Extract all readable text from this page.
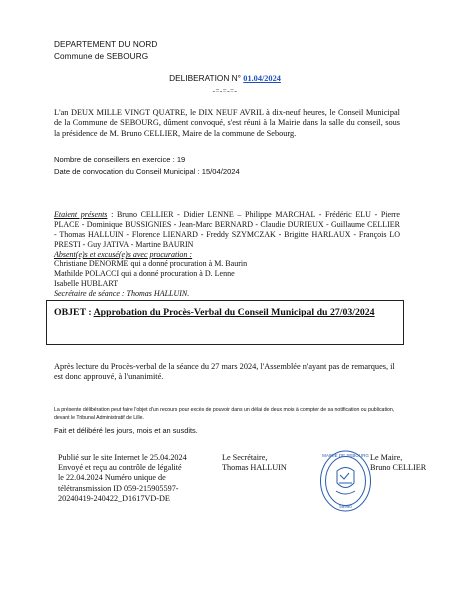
DEPARTEMENT DU NORD
Commune de SEBOURG
DELIBERATION N° 01.04/2024
-=-=-=-
L'an DEUX MILLE VINGT QUATRE, le DIX NEUF AVRIL à dix-neuf heures, le Conseil Municipal de la Commune de SEBOURG, dûment convoqué, s'est réuni à la Mairie dans la salle du conseil, sous la présidence de M. Bruno CELLIER, Maire de la commune de Sebourg.
Nombre de conseillers en exercice : 19
Date de convocation du Conseil Municipal : 15/04/2024
Etaient présents : Bruno CELLIER - Didier LENNE – Philippe MARCHAL - Frédéric ELU - Pierre PLACE - Dominique BUSSIGNIES - Jean-Marc BERNARD - Claudie DURIEUX - Guillaume CELLIER - Thomas HALLUIN - Florence LIENARD - Freddy SZYMCZAK - Brigitte HARLAUX - François LO PRESTI - Guy JATIVA - Martine BAURIN
Absent(e)s et excusé(e)s avec procuration :
Christiane DENORME qui a donné procuration à M. Baurin
Mathilde POLACCI qui a donné procuration à D. Lenne
Isabelle HUBLART
OBJET : Approbation du Procès-Verbal du Conseil Municipal du 27/03/2024
Après lecture du Procès-verbal de la séance du 27 mars 2024, l'Assemblée n'ayant pas de remarques, il est donc approuvé, à l'unanimité.
La présente délibération peut faire l'objet d'un recours pour excès de pouvoir dans un délai de deux mois à compter de sa notification ou publication, devant le Tribunal Administratif de Lille.
Fait et délibéré les jours, mois et an susdits.
Publié sur le site Internet le 25.04.2024
Envoyé et reçu au contrôle de légalité
le 22.04.2024 Numéro unique de
télétransmission ID 059-215905597-
20240419-240422_D1617VD-DE
Le Secrétaire,
Thomas HALLUIN
Le Maire,
Bruno CELLIER
MAIRIE DE SEBOURG
59990
Secrétaire de séance : Thomas HALLUIN.
